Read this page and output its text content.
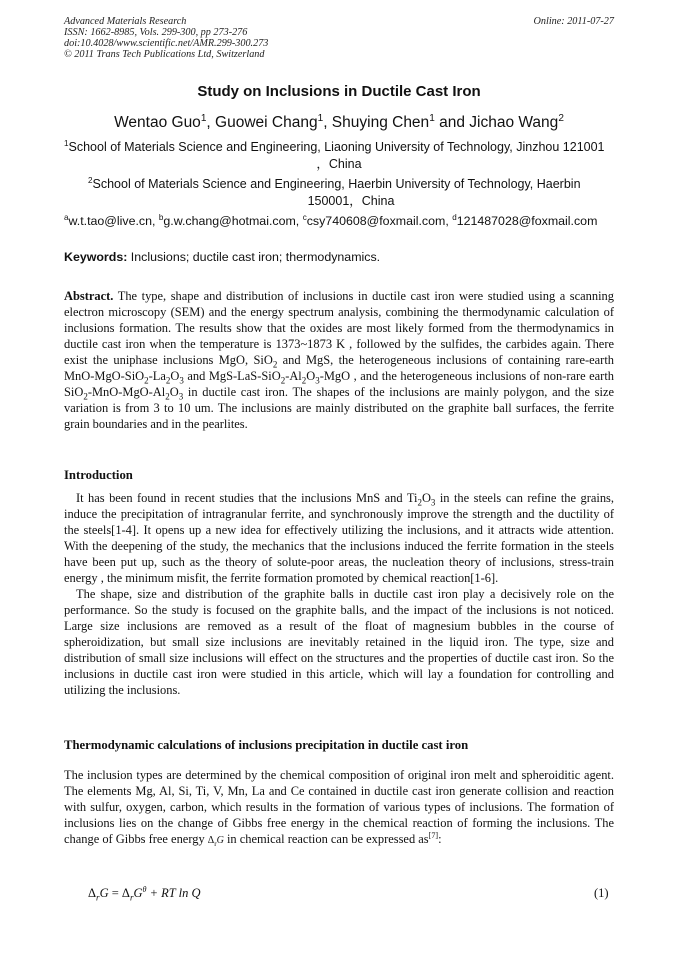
Advanced Materials Research
ISSN: 1662-8985, Vols. 299-300, pp 273-276
doi:10.4028/www.scientific.net/AMR.299-300.273
© 2011 Trans Tech Publications Ltd, Switzerland
Online: 2011-07-27
Study on Inclusions in Ductile Cast Iron
Wentao Guo$^1$, Guowei Chang$^1$, Shuying Chen$^1$ and Jichao Wang$^2$
$^1$School of Materials Science and Engineering, Liaoning University of Technology, Jinzhou 121001
，China
$^2$School of Materials Science and Engineering, Haerbin University of Technology, Haerbin
150001，China
$^a$w.t.tao@live.cn, $^b$g.w.chang@hotmai.com, $^c$csy740608@foxmail.com, $^d$121487028@foxmail.com
Keywords: Inclusions; ductile cast iron; thermodynamics.

Abstract. The type, shape and distribution of inclusions in ductile cast iron were studied using a scanning electron microscopy (SEM) and the energy spectrum analysis, combining the thermodynamic calculation of inclusions formation. The results show that the oxides are most likely formed from the thermodynamics in ductile cast iron when the temperature is 1373~1873 K , followed by the sulfides, the carbides again. There exist the uniphase inclusions MgO, SiO$_2$ and MgS, the heterogeneous inclusions of containing rare-earth MnO-$MgO-SiO_2-La_2O_3$ and MgS-$LaS-SiO_2-Al_2O_3$-MgO , and the heterogeneous inclusions of non-rare earth $SiO_2-MnO-MgO-Al_2O_3$ in ductile cast iron. The shapes of the inclusions are mainly polygon, and the size variation is from 3 to 10 um. The inclusions are mainly distributed on the graphite ball surfaces, the ferrite grain boundaries and in the pearlites.

Introduction

It has been found in recent studies that the inclusions MnS and $Ti_2O_3$ in the steels can refine the grains, induce the precipitation of intragranular ferrite, and synchronously improve the strength and the ductility of the steels[1-4]. It opens up a new idea for effectively utilizing the inclusions, and it attracts wide attention. With the deepening of the study, the mechanics that the inclusions induced the ferrite formation in the steels have been put up, such as the theory of solute-poor areas, the nucleation theory of inclusions, stress-train energy , the minimum misfit, the ferrite formation promoted by chemical reaction[1-6].

The shape, size and distribution of the graphite balls in ductile cast iron play a decisively role on the performance. So the study is focused on the graphite balls, and the impact of the inclusions is not noticed. Large size inclusions are removed as a result of the float of magnesium bubbles in the course of spheroidization, but small size inclusions are inevitably retained in the liquid iron. The type, size and distribution of small size inclusions will effect on the structures and the properties of ductile cast iron. So the inclusions in ductile cast iron were studied in this article, which will lay a foundation for controlling and utilizing the inclusions.

Thermodynamic calculations of inclusions precipitation in ductile cast iron

The inclusion types are determined by the chemical composition of original iron melt and spheroiditic agent. The elements Mg, Al, Si, Ti, V, Mn, La and Ce contained in ductile cast iron generate collision and reaction with sulfur, oxygen, carbon, which results in the formation of various types of inclusions. The formation of inclusions lies on the change of Gibbs free energy in the chemical reaction of forming the inclusions. The change of Gibbs free energy $\Delta_rG$ in chemical reaction can be expressed as[7]:

$\Delta_rG = \Delta_rG^\theta$ + RT ln Q	(1)
